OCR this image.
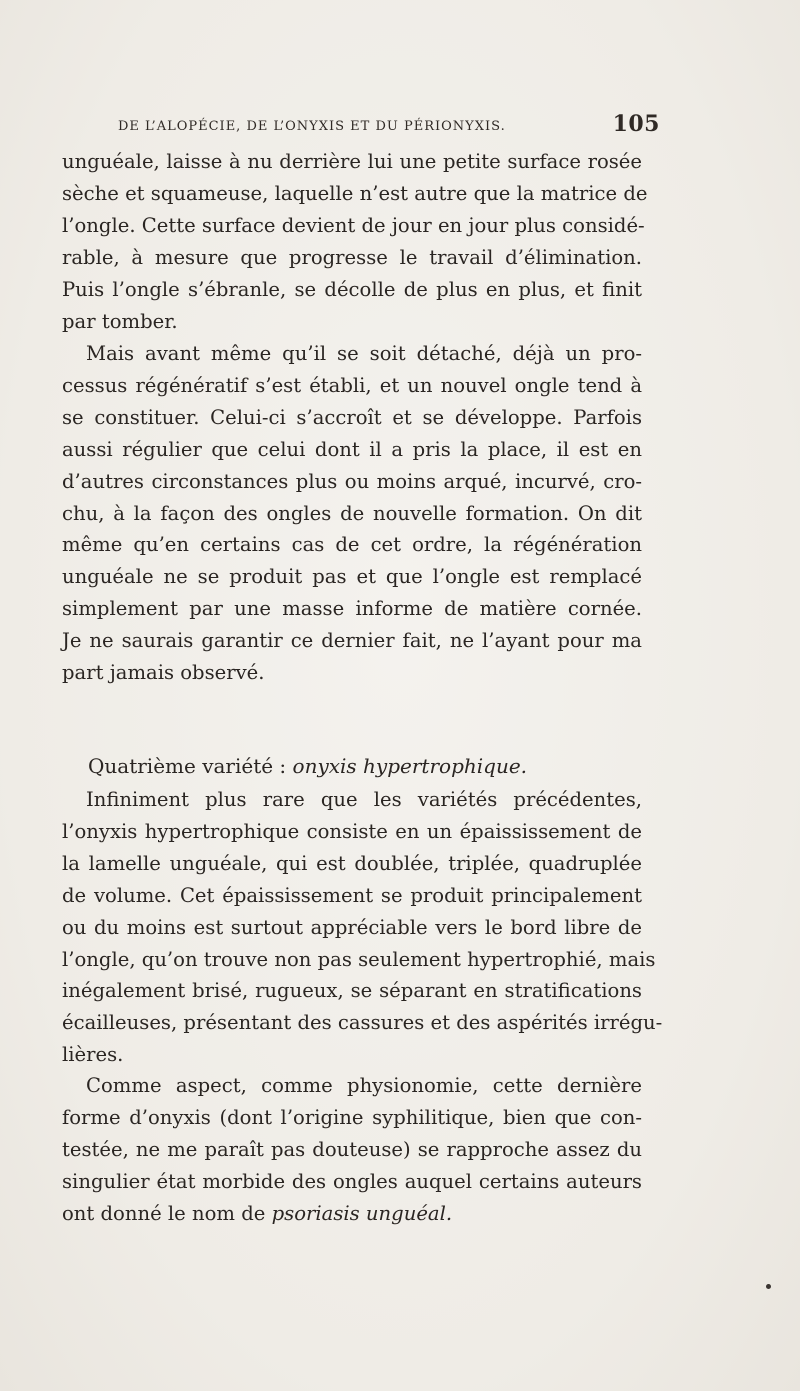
DE L’ALOPÉCIE, DE L’ONYXIS ET DU PÉRIONYXIS.	105

unguéale, laisse à nu derrière lui une petite surface rosée
sèche et squameuse, laquelle n’est autre que la matrice de
l’ongle. Cette surface devient de jour en jour plus considé-
rable, à mesure que progresse le travail d’élimination.
Puis l’ongle s’ébranle, se décolle de plus en plus, et finit
par tomber.

Mais avant même qu’il se soit détaché, déjà un pro-
cessus régénératif s’est établi, et un nouvel ongle tend à
se constituer. Celui-ci s’accroît et se développe. Parfois
aussi régulier que celui dont il a pris la place, il est en
d’autres circonstances plus ou moins arqué, incurvé, cro-
chu, à la façon des ongles de nouvelle formation. On dit
même qu’en certains cas de cet ordre, la régénération
unguéale ne se produit pas et que l’ongle est remplacé
simplement par une masse informe de matière cornée.
Je ne saurais garantir ce dernier fait, ne l’ayant pour ma
part jamais observé.

Quatrième variété : onyxis hypertrophique.

Infiniment plus rare que les variétés précédentes,
l’onyxis hypertrophique consiste en un épaississement de
la lamelle unguéale, qui est doublée, triplée, quadruplée
de volume. Cet épaississement se produit principalement
ou du moins est surtout appréciable vers le bord libre de
l’ongle, qu’on trouve non pas seulement hypertrophié, mais
inégalement brisé, rugueux, se séparant en stratifications
écailleuses, présentant des cassures et des aspérités irrégu-
lières.

Comme aspect, comme physionomie, cette dernière
forme d’onyxis (dont l’origine syphilitique, bien que con-
testée, ne me paraît pas douteuse) se rapproche assez du
singulier état morbide des ongles auquel certains auteurs
ont donné le nom de psoriasis unguéal.
